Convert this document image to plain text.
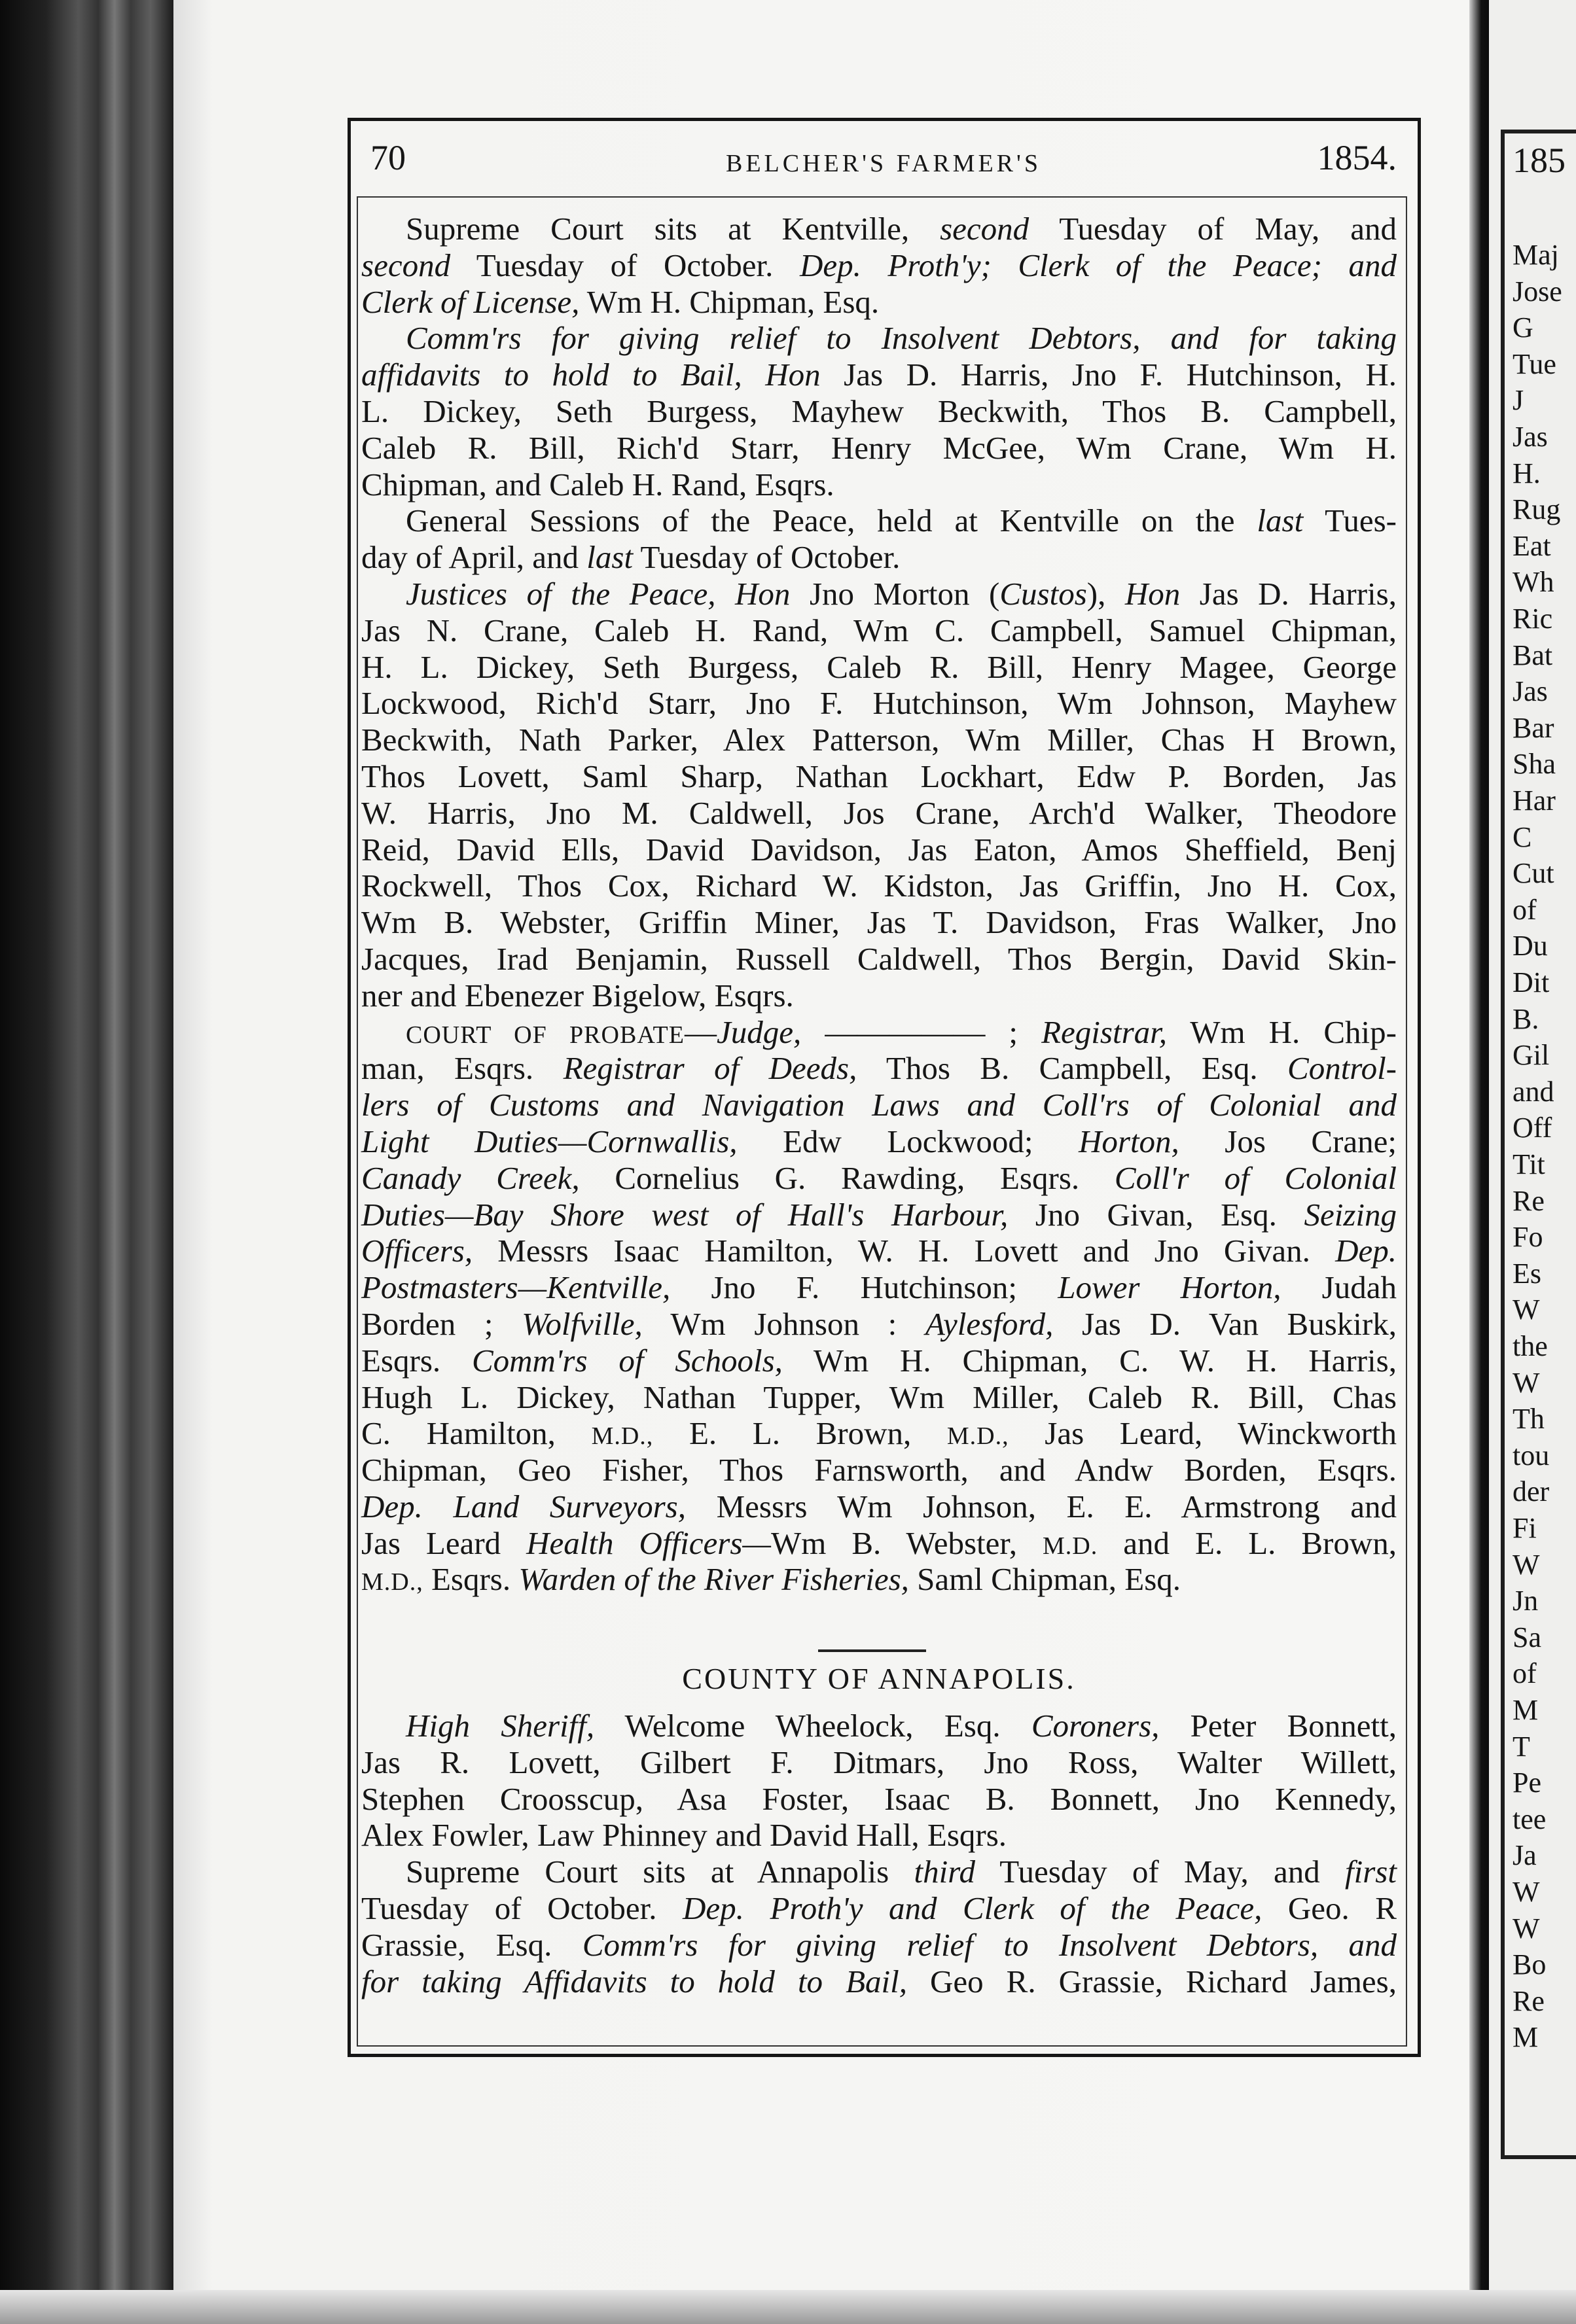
70	BELCHER'S FARMER'S	1854.
Supreme Court sits at Kentville, second Tuesday of May, and
second Tuesday of October. Dep. Proth'y; Clerk of the Peace; and
Clerk of License, Wm H. Chipman, Esq.
Comm'rs for giving relief to Insolvent Debtors, and for taking
affidavits to hold to Bail, Hon Jas D. Harris, Jno F. Hutchinson, H.
L. Dickey, Seth Burgess, Mayhew Beckwith, Thos B. Campbell,
Caleb R. Bill, Rich'd Starr, Henry McGee, Wm Crane, Wm H.
Chipman, and Caleb H. Rand, Esqrs.
General Sessions of the Peace, held at Kentville on the last Tues-
day of April, and last Tuesday of October.
Justices of the Peace, Hon Jno Morton (Custos), Hon Jas D. Harris,
Jas N. Crane, Caleb H. Rand, Wm C. Campbell, Samuel Chipman,
H. L. Dickey, Seth Burgess, Caleb R. Bill, Henry Magee, George
Lockwood, Rich'd Starr, Jno F. Hutchinson, Wm Johnson, Mayhew
Beckwith, Nath Parker, Alex Patterson, Wm Miller, Chas H Brown,
Thos Lovett, Saml Sharp, Nathan Lockhart, Edw P. Borden, Jas
W. Harris, Jno M. Caldwell, Jos Crane, Arch'd Walker, Theodore
Reid, David Ells, David Davidson, Jas Eaton, Amos Sheffield, Benj
Rockwell, Thos Cox, Richard W. Kidston, Jas Griffin, Jno H. Cox,
Wm B. Webster, Griffin Miner, Jas T. Davidson, Fras Walker, Jno
Jacques, Irad Benjamin, Russell Caldwell, Thos Bergin, David Skin-
ner and Ebenezer Bigelow, Esqrs.
COURT OF PROBATE—Judge, ————— ; Registrar, Wm H. Chip-
man, Esqrs. Registrar of Deeds, Thos B. Campbell, Esq. Control-
lers of Customs and Navigation Laws and Coll'rs of Colonial and
Light Duties—Cornwallis, Edw Lockwood; Horton, Jos Crane;
Canady Creek, Cornelius G. Rawding, Esqrs. Coll'r of Colonial
Duties—Bay Shore west of Hall's Harbour, Jno Givan, Esq. Seizing
Officers, Messrs Isaac Hamilton, W. H. Lovett and Jno Givan. Dep.
Postmasters—Kentville, Jno F. Hutchinson; Lower Horton, Judah
Borden ; Wolfville, Wm Johnson : Aylesford, Jas D. Van Buskirk,
Esqrs. Comm'rs of Schools, Wm H. Chipman, C. W. H. Harris,
Hugh L. Dickey, Nathan Tupper, Wm Miller, Caleb R. Bill, Chas
C. Hamilton, M.D., E. L. Brown, M.D., Jas Leard, Winckworth
Chipman, Geo Fisher, Thos Farnsworth, and Andw Borden, Esqrs.
Dep. Land Surveyors, Messrs Wm Johnson, E. E. Armstrong and
Jas Leard Health Officers—Wm B. Webster, M.D. and E. L. Brown,
M.D., Esqrs. Warden of the River Fisheries, Saml Chipman, Esq.
COUNTY OF ANNAPOLIS.
High Sheriff, Welcome Wheelock, Esq. Coroners, Peter Bonnett,
Jas R. Lovett, Gilbert F. Ditmars, Jno Ross, Walter Willett,
Stephen Croosscup, Asa Foster, Isaac B. Bonnett, Jno Kennedy,
Alex Fowler, Law Phinney and David Hall, Esqrs.
Supreme Court sits at Annapolis third Tuesday of May, and first
Tuesday of October. Dep. Proth'y and Clerk of the Peace, Geo. R
Grassie, Esq. Comm'rs for giving relief to Insolvent Debtors, and
for taking Affidavits to hold to Bail, Geo R. Grassie, Richard James,
185
Maj
Jose
G
Tue
J
Jas
H.
Rug
Eat
Wh
Ric
Bat
Jas
Bar
Sha
Har
C
Cut
of
Du
Dit
B.
Gil
and
Off
Tit
Re
Fo
Es
W
the
W
Th
tou
der
Fi
W
Jn
Sa
of
M
T
Pe
tee
Ja
W
W
Bo
Re
M
